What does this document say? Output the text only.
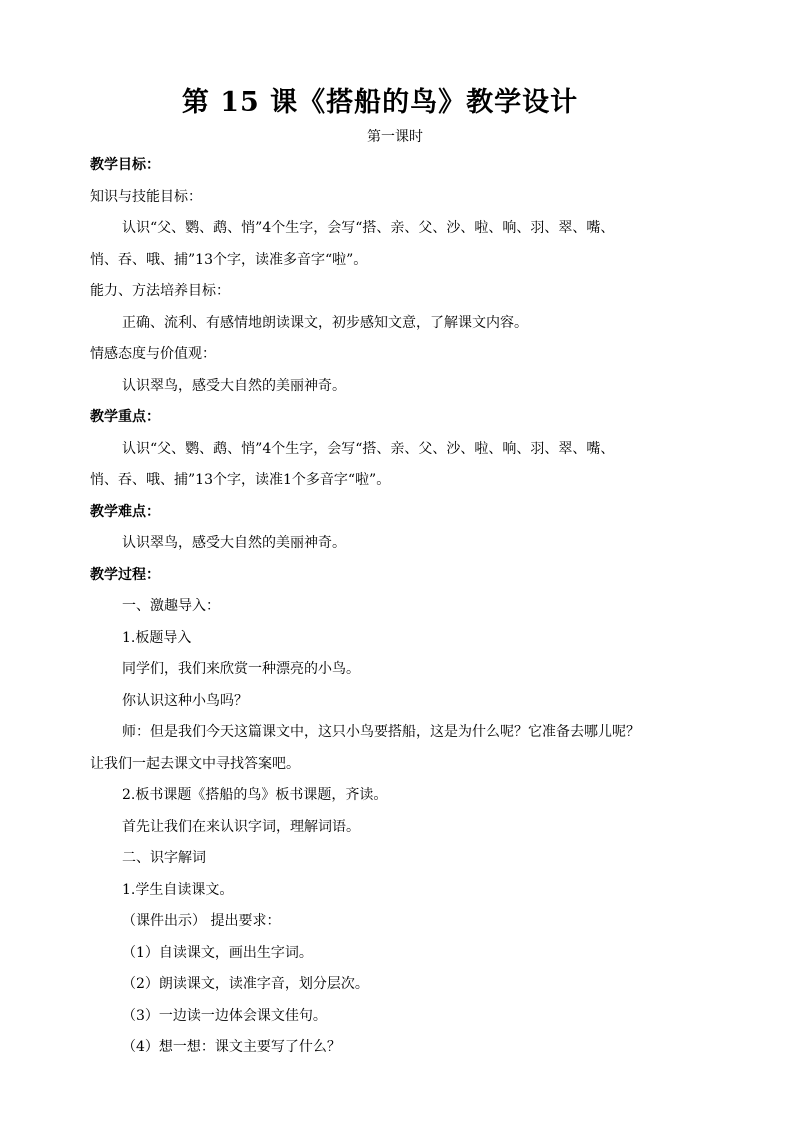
第 15 课《搭船的鸟》教学设计
第一课时
教学目标：
知识与技能目标：
认识“父、鹦、鹉、悄”4个生字，会写“搭、亲、父、沙、啦、响、羽、翠、嘴、
悄、吞、哦、捕”13个字，读准多音字“啦”。
能力、方法培养目标：
正确、流利、有感情地朗读课文，初步感知文意，了解课文内容。
情感态度与价值观：
认识翠鸟，感受大自然的美丽神奇。
教学重点：
认识“父、鹦、鹉、悄”4个生字，会写“搭、亲、父、沙、啦、响、羽、翠、嘴、
悄、吞、哦、捕”13个字，读准1个多音字“啦”。
教学难点：
认识翠鸟，感受大自然的美丽神奇。
教学过程：
一、激趣导入：
1.板题导入
同学们，我们来欣赏一种漂亮的小鸟。
你认识这种小鸟吗？
师：但是我们今天这篇课文中，这只小鸟要搭船，这是为什么呢？它准备去哪儿呢？
让我们一起去课文中寻找答案吧。
2.板书课题《搭船的鸟》板书课题，齐读。
首先让我们在来认识字词，理解词语。
二、识字解词
1.学生自读课文。
（课件出示） 提出要求：
（1）自读课文，画出生字词。
（2）朗读课文，读准字音，划分层次。
（3）一边读一边体会课文佳句。
（4）想一想：课文主要写了什么？
